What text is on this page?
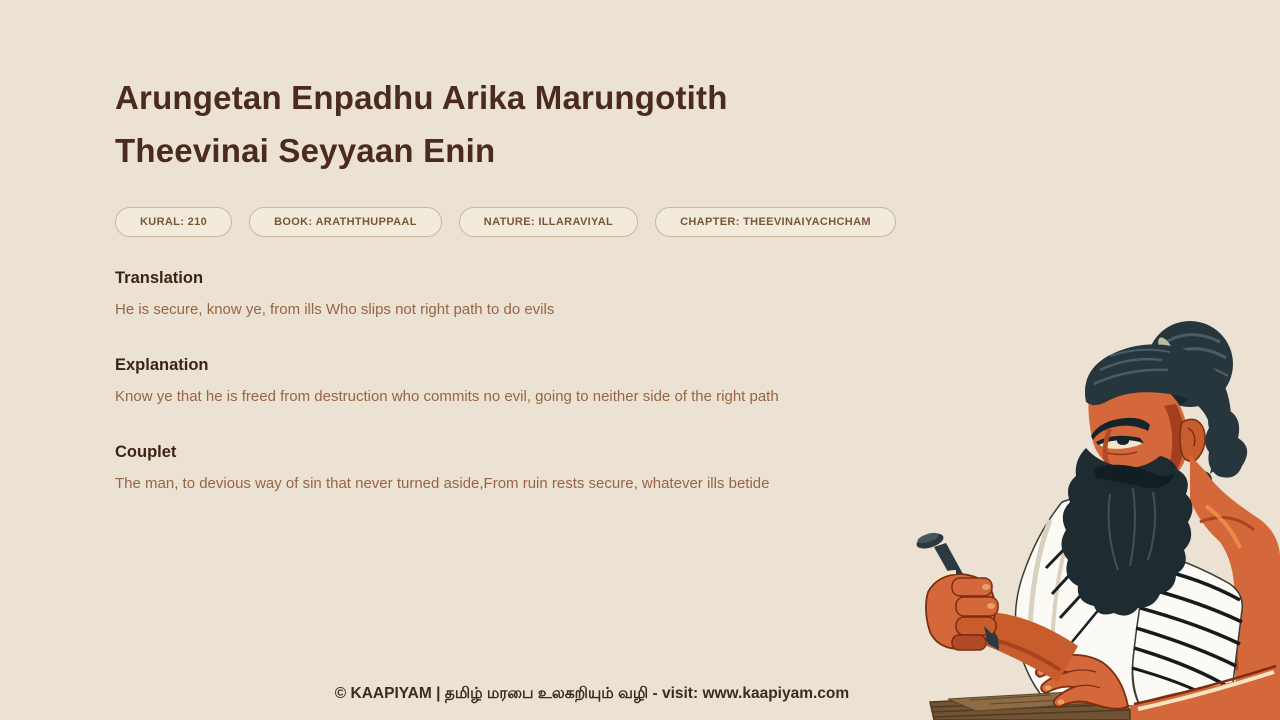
Arungetan Enpadhu Arika Marungotith Theevinai Seyyaan Enin
KURAL: 210	BOOK: ARATHTHUPPAAL	NATURE: ILLARAVIYAL	CHAPTER: THEEVINAIYACHCHAM
Translation

He is secure, know ye, from ills Who slips not right path to do evils

Explanation

Know ye that he is freed from destruction who commits no evil, going to neither side of the right path

Couplet

The man, to devious way of sin that never turned aside,From ruin rests secure, whatever ills betide

© KAAPIYAM | தமிழ் மரபை உலகறியும் வழி - visit: www.kaapiyam.com
